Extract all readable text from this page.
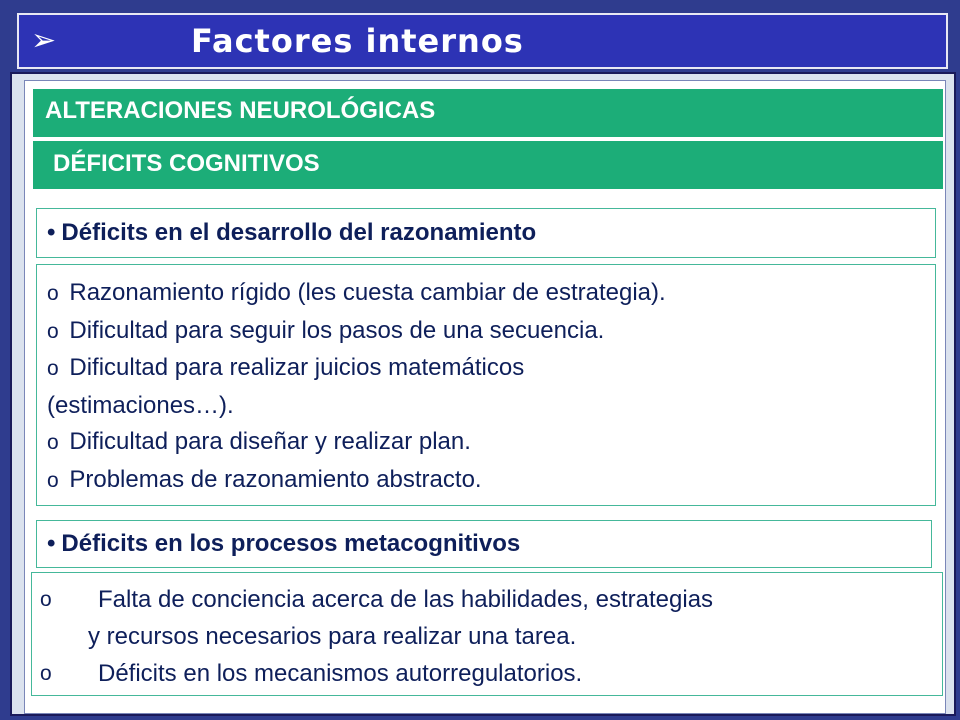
➢	Factores internos
ALTERACIONES NEUROLÓGICAS
DÉFICITS COGNITIVOS
• Déficits en el desarrollo del razonamiento
o Razonamiento rígido (les cuesta cambiar de estrategia).
o Dificultad para seguir los pasos de una secuencia.
o Dificultad para realizar juicios matemáticos
(estimaciones…).
o Dificultad para diseñar y realizar plan.
o Problemas de razonamiento abstracto.
• Déficits en los procesos metacognitivos
o Falta de conciencia acerca de las habilidades, estrategias
y recursos necesarios para realizar una tarea.
o Déficits en los mecanismos autorregulatorios.
